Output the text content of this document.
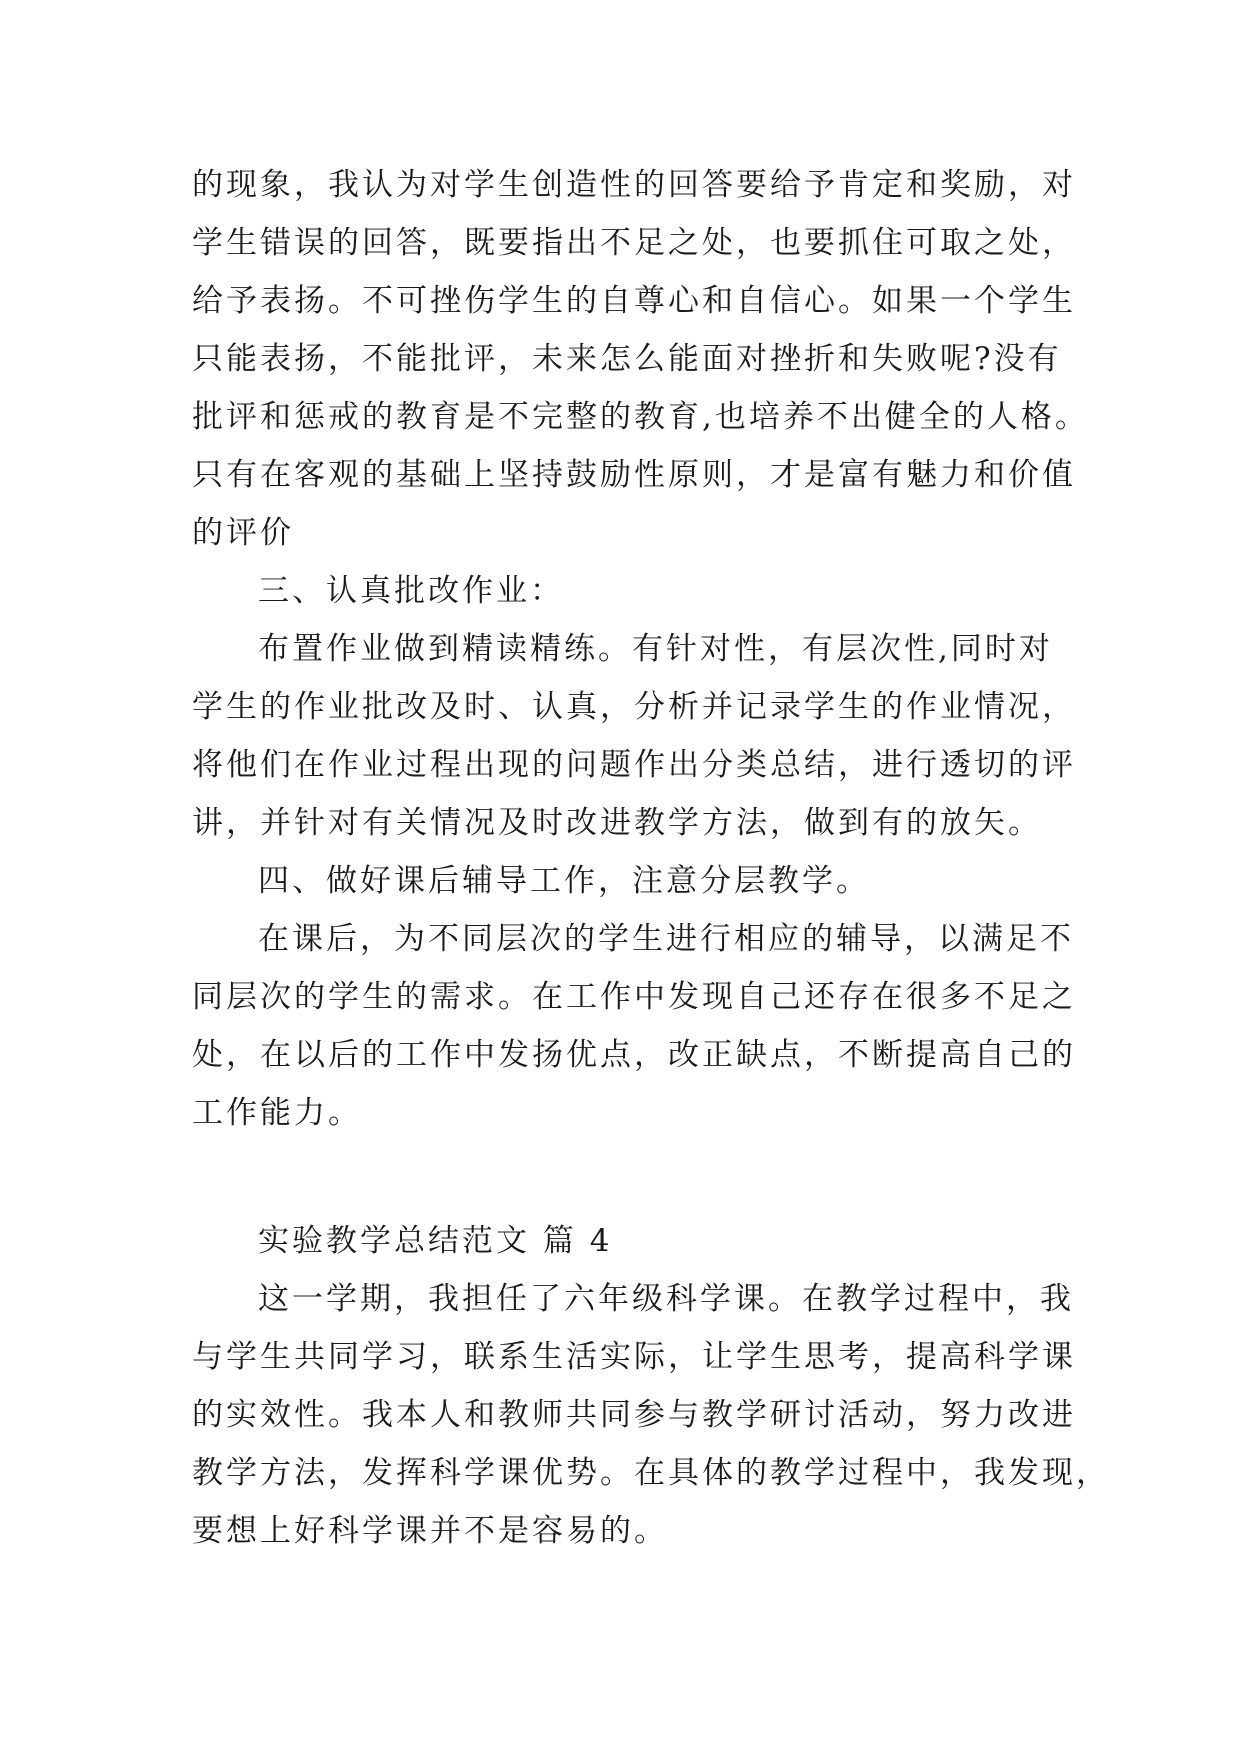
的现象，我认为对学生创造性的回答要给予肯定和奖励，对
学生错误的回答，既要指出不足之处，也要抓住可取之处，
给予表扬。不可挫伤学生的自尊心和自信心。如果一个学生
只能表扬，不能批评，未来怎么能面对挫折和失败呢?没有
批评和惩戒的教育是不完整的教育,也培养不出健全的人格。
只有在客观的基础上坚持鼓励性原则，才是富有魅力和价值
的评价
三、认真批改作业：
布置作业做到精读精练。有针对性，有层次性,同时对
学生的作业批改及时、认真，分析并记录学生的作业情况，
将他们在作业过程出现的问题作出分类总结，进行透切的评
讲，并针对有关情况及时改进教学方法，做到有的放矢。
四、做好课后辅导工作，注意分层教学。
在课后，为不同层次的学生进行相应的辅导，以满足不
同层次的学生的需求。在工作中发现自己还存在很多不足之
处，在以后的工作中发扬优点，改正缺点，不断提高自己的
工作能力。
实验教学总结范文 篇 4
这一学期，我担任了六年级科学课。在教学过程中，我
与学生共同学习，联系生活实际，让学生思考，提高科学课
的实效性。我本人和教师共同参与教学研讨活动，努力改进
教学方法，发挥科学课优势。在具体的教学过程中，我发现，
要想上好科学课并不是容易的。
